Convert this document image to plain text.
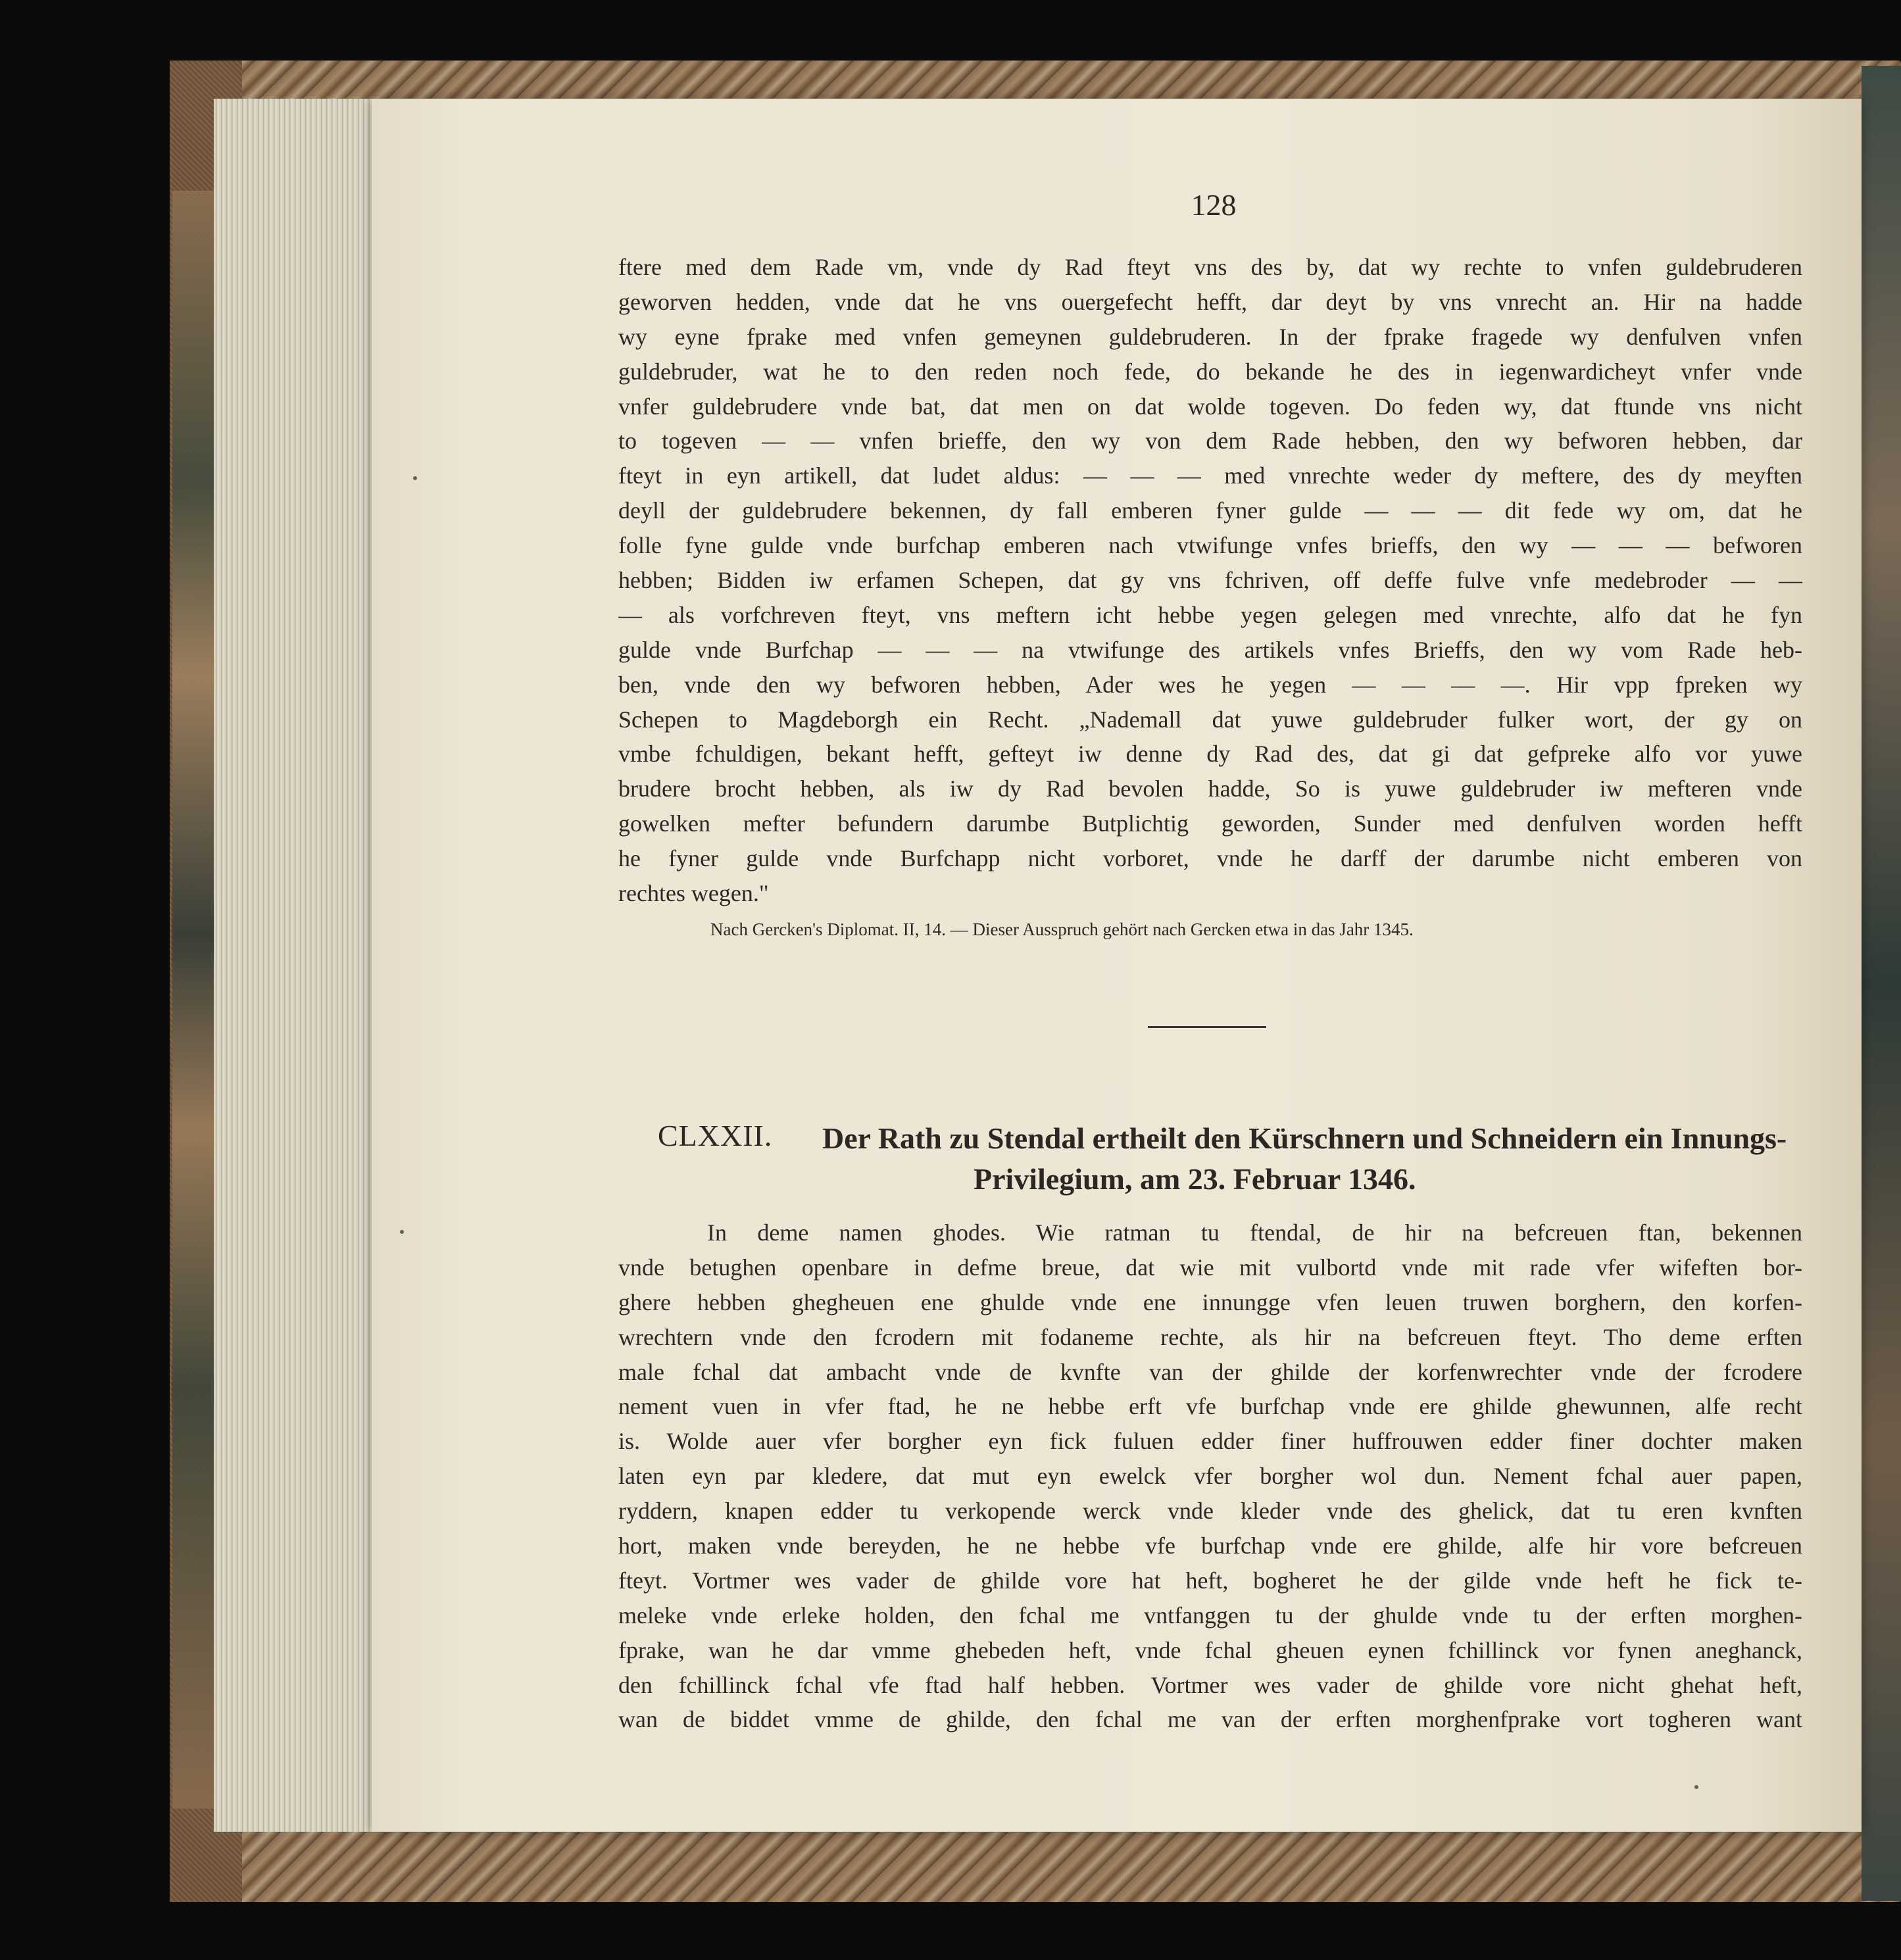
128

ftere med dem Rade vm, vnde dy Rad fteyt vns des by, dat wy rechte to vnfen guldebruderen
geworven hedden, vnde dat he vns ouergefecht hefft, dar deyt by vns vnrecht an. Hir na hadde
wy eyne fprake med vnfen gemeynen guldebruderen. In der fprake fragede wy denfulven vnfen
guldebruder, wat he to den reden noch fede, do bekande he des in iegenwardicheyt vnfer vnde
vnfer guldebrudere vnde bat, dat men on dat wolde togeven. Do feden wy, dat ftunde vns nicht
to togeven — — vnfen brieffe, den wy von dem Rade hebben, den wy befworen hebben, dar
fteyt in eyn artikell, dat ludet aldus: — — — med vnrechte weder dy meftere, des dy meyften
deyll der guldebrudere bekennen, dy fall emberen fyner gulde — — — dit fede wy om, dat he
folle fyne gulde vnde burfchap emberen nach vtwifunge vnfes brieffs, den wy — — — befworen
hebben; Bidden iw erfamen Schepen, dat gy vns fchriven, off deffe fulve vnfe medebroder — —
— als vorfchreven fteyt, vns meftern icht hebbe yegen gelegen med vnrechte, alfo dat he fyn
gulde vnde Burfchap — — — na vtwifunge des artikels vnfes Brieffs, den wy vom Rade heb-
ben, vnde den wy befworen hebben, Ader wes he yegen — — — —. Hir vpp fpreken wy
Schepen to Magdeborgh ein Recht. „Nademall dat yuwe guldebruder fulker wort, der gy on
vmbe fchuldigen, bekant hefft, gefteyt iw denne dy Rad des, dat gi dat gefpreke alfo vor yuwe
brudere brocht hebben, als iw dy Rad bevolen hadde, So is yuwe guldebruder iw mefteren vnde
gowelken mefter befundern darumbe Butplichtig geworden, Sunder med denfulven worden hefft
he fyner gulde vnde Burfchapp nicht vorboret, vnde he darff der darumbe nicht emberen von
rechtes wegen."

Nach Gercken's Diplomat. II, 14. — Dieser Ausspruch gehört nach Gercken etwa in das Jahr 1345.

CLXXII. Der Rath zu Stendal ertheilt den Kürschnern und Schneidern ein Innungs-
Privilegium, am 23. Februar 1346.

In deme namen ghodes. Wie ratman tu ftendal, de hir na befcreuen ftan, bekennen
vnde betughen openbare in defme breue, dat wie mit vulbortd vnde mit rade vfer wifeften bor-
ghere hebben ghegheuen ene ghulde vnde ene innungge vfen leuen truwen borghern, den korfen-
wrechtern vnde den fcrodern mit fodaneme rechte, als hir na befcreuen fteyt. Tho deme erften
male fchal dat ambacht vnde de kvnfte van der ghilde der korfenwrechter vnde der fcrodere
nement vuen in vfer ftad, he ne hebbe erft vfe burfchap vnde ere ghilde ghewunnen, alfe recht
is. Wolde auer vfer borgher eyn fick fuluen edder finer huffrouwen edder finer dochter maken
laten eyn par kledere, dat mut eyn ewelck vfer borgher wol dun. Nement fchal auer papen,
ryddern, knapen edder tu verkopende werck vnde kleder vnde des ghelick, dat tu eren kvnften
hort, maken vnde bereyden, he ne hebbe vfe burfchap vnde ere ghilde, alfe hir vore befcreuen
fteyt. Vortmer wes vader de ghilde vore hat heft, bogheret he der gilde vnde heft he fick te-
meleke vnde erleke holden, den fchal me vntfanggen tu der ghulde vnde tu der erften morghen-
fprake, wan he dar vmme ghebeden heft, vnde fchal gheuen eynen fchillinck vor fynen aneghanck,
den fchillinck fchal vfe ftad half hebben. Vortmer wes vader de ghilde vore nicht ghehat heft,
wan de biddet vmme de ghilde, den fchal me van der erften morghenfprake vort togheren want
